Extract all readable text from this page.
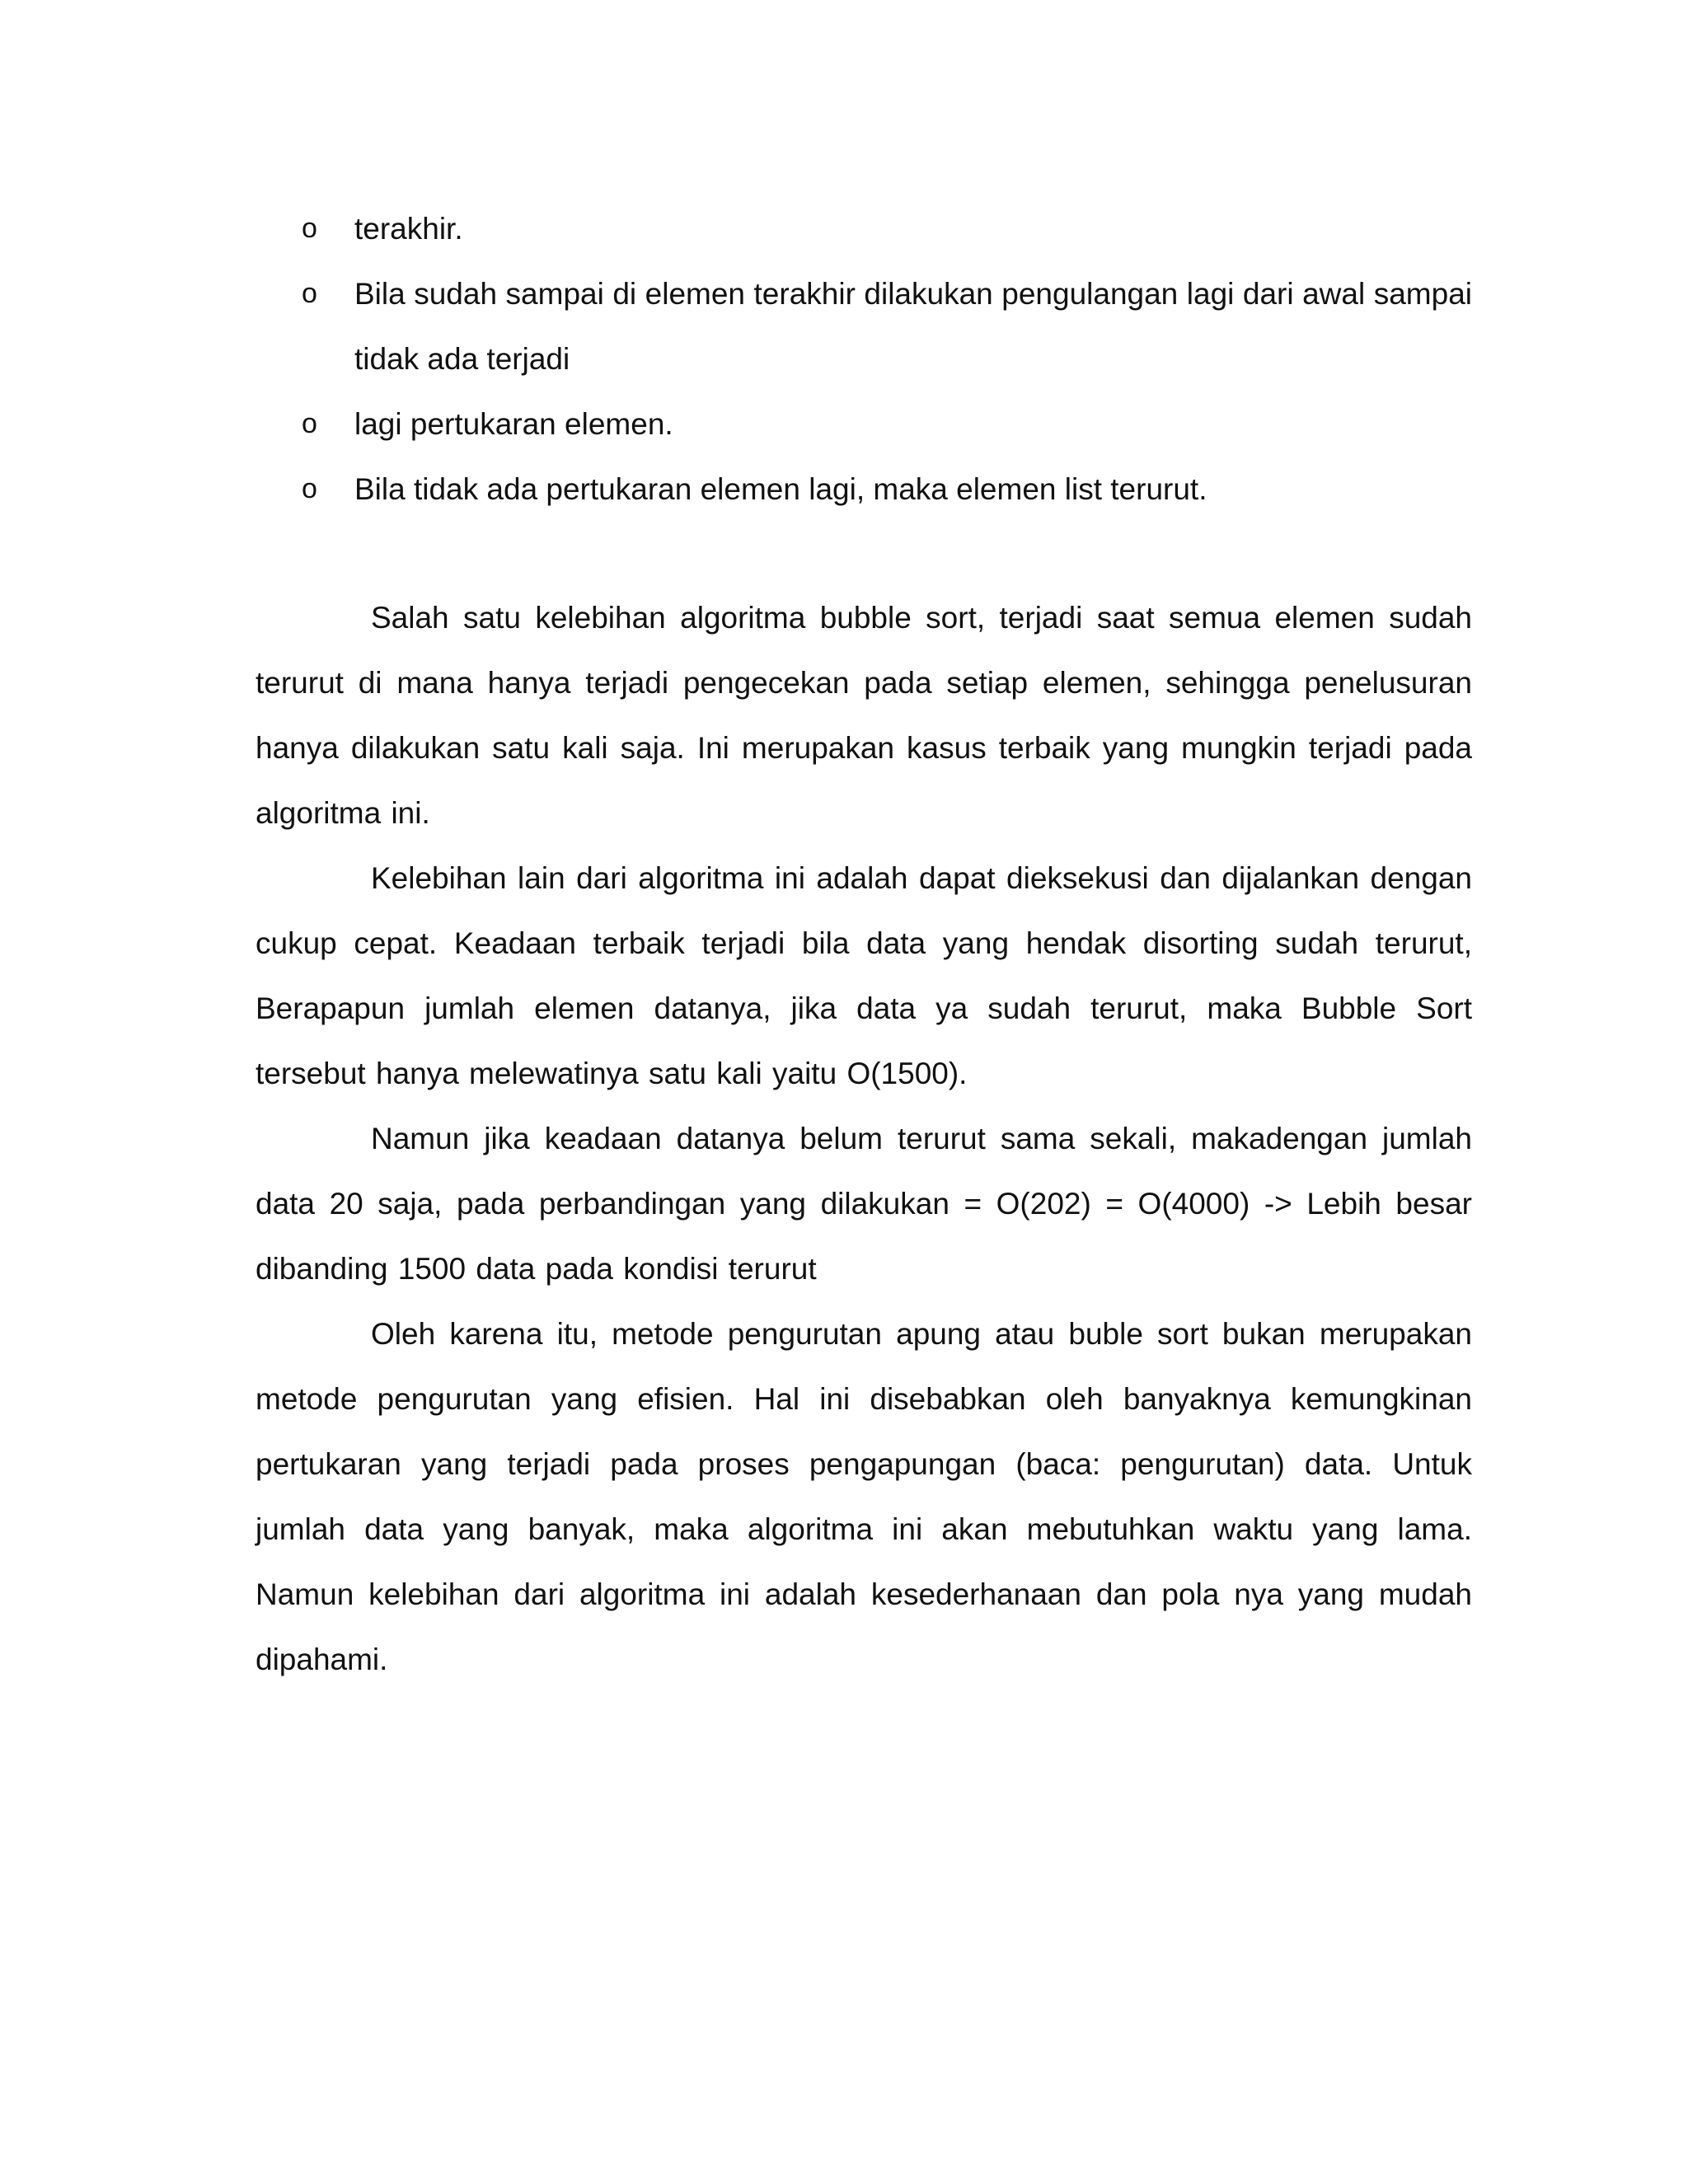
o terakhir.
o Bila sudah sampai di elemen terakhir dilakukan pengulangan lagi dari awal sampai tidak ada terjadi
o lagi pertukaran elemen.
o Bila tidak ada pertukaran elemen lagi, maka elemen list terurut.

Salah satu kelebihan algoritma bubble sort, terjadi saat semua elemen sudah terurut di mana hanya terjadi pengecekan pada setiap elemen, sehingga penelusuran hanya dilakukan satu kali saja. Ini merupakan kasus terbaik yang mungkin terjadi pada algoritma ini.

Kelebihan lain dari algoritma ini adalah dapat dieksekusi dan dijalankan dengan cukup cepat. Keadaan terbaik terjadi bila data yang hendak disorting sudah terurut, Berapapun jumlah elemen datanya, jika data ya sudah terurut, maka Bubble Sort tersebut hanya melewatinya satu kali yaitu O(1500).

Namun jika keadaan datanya belum terurut sama sekali, makadengan jumlah data 20 saja, pada perbandingan yang dilakukan = O(202) = O(4000) -> Lebih besar dibanding 1500 data pada kondisi terurut

Oleh karena itu, metode pengurutan apung atau buble sort bukan merupakan metode pengurutan yang efisien. Hal ini disebabkan oleh banyaknya kemungkinan pertukaran yang terjadi pada proses pengapungan (baca: pengurutan) data. Untuk jumlah data yang banyak, maka algoritma ini akan mebutuhkan waktu yang lama. Namun kelebihan dari algoritma ini adalah kesederhanaan dan pola nya yang mudah dipahami.
